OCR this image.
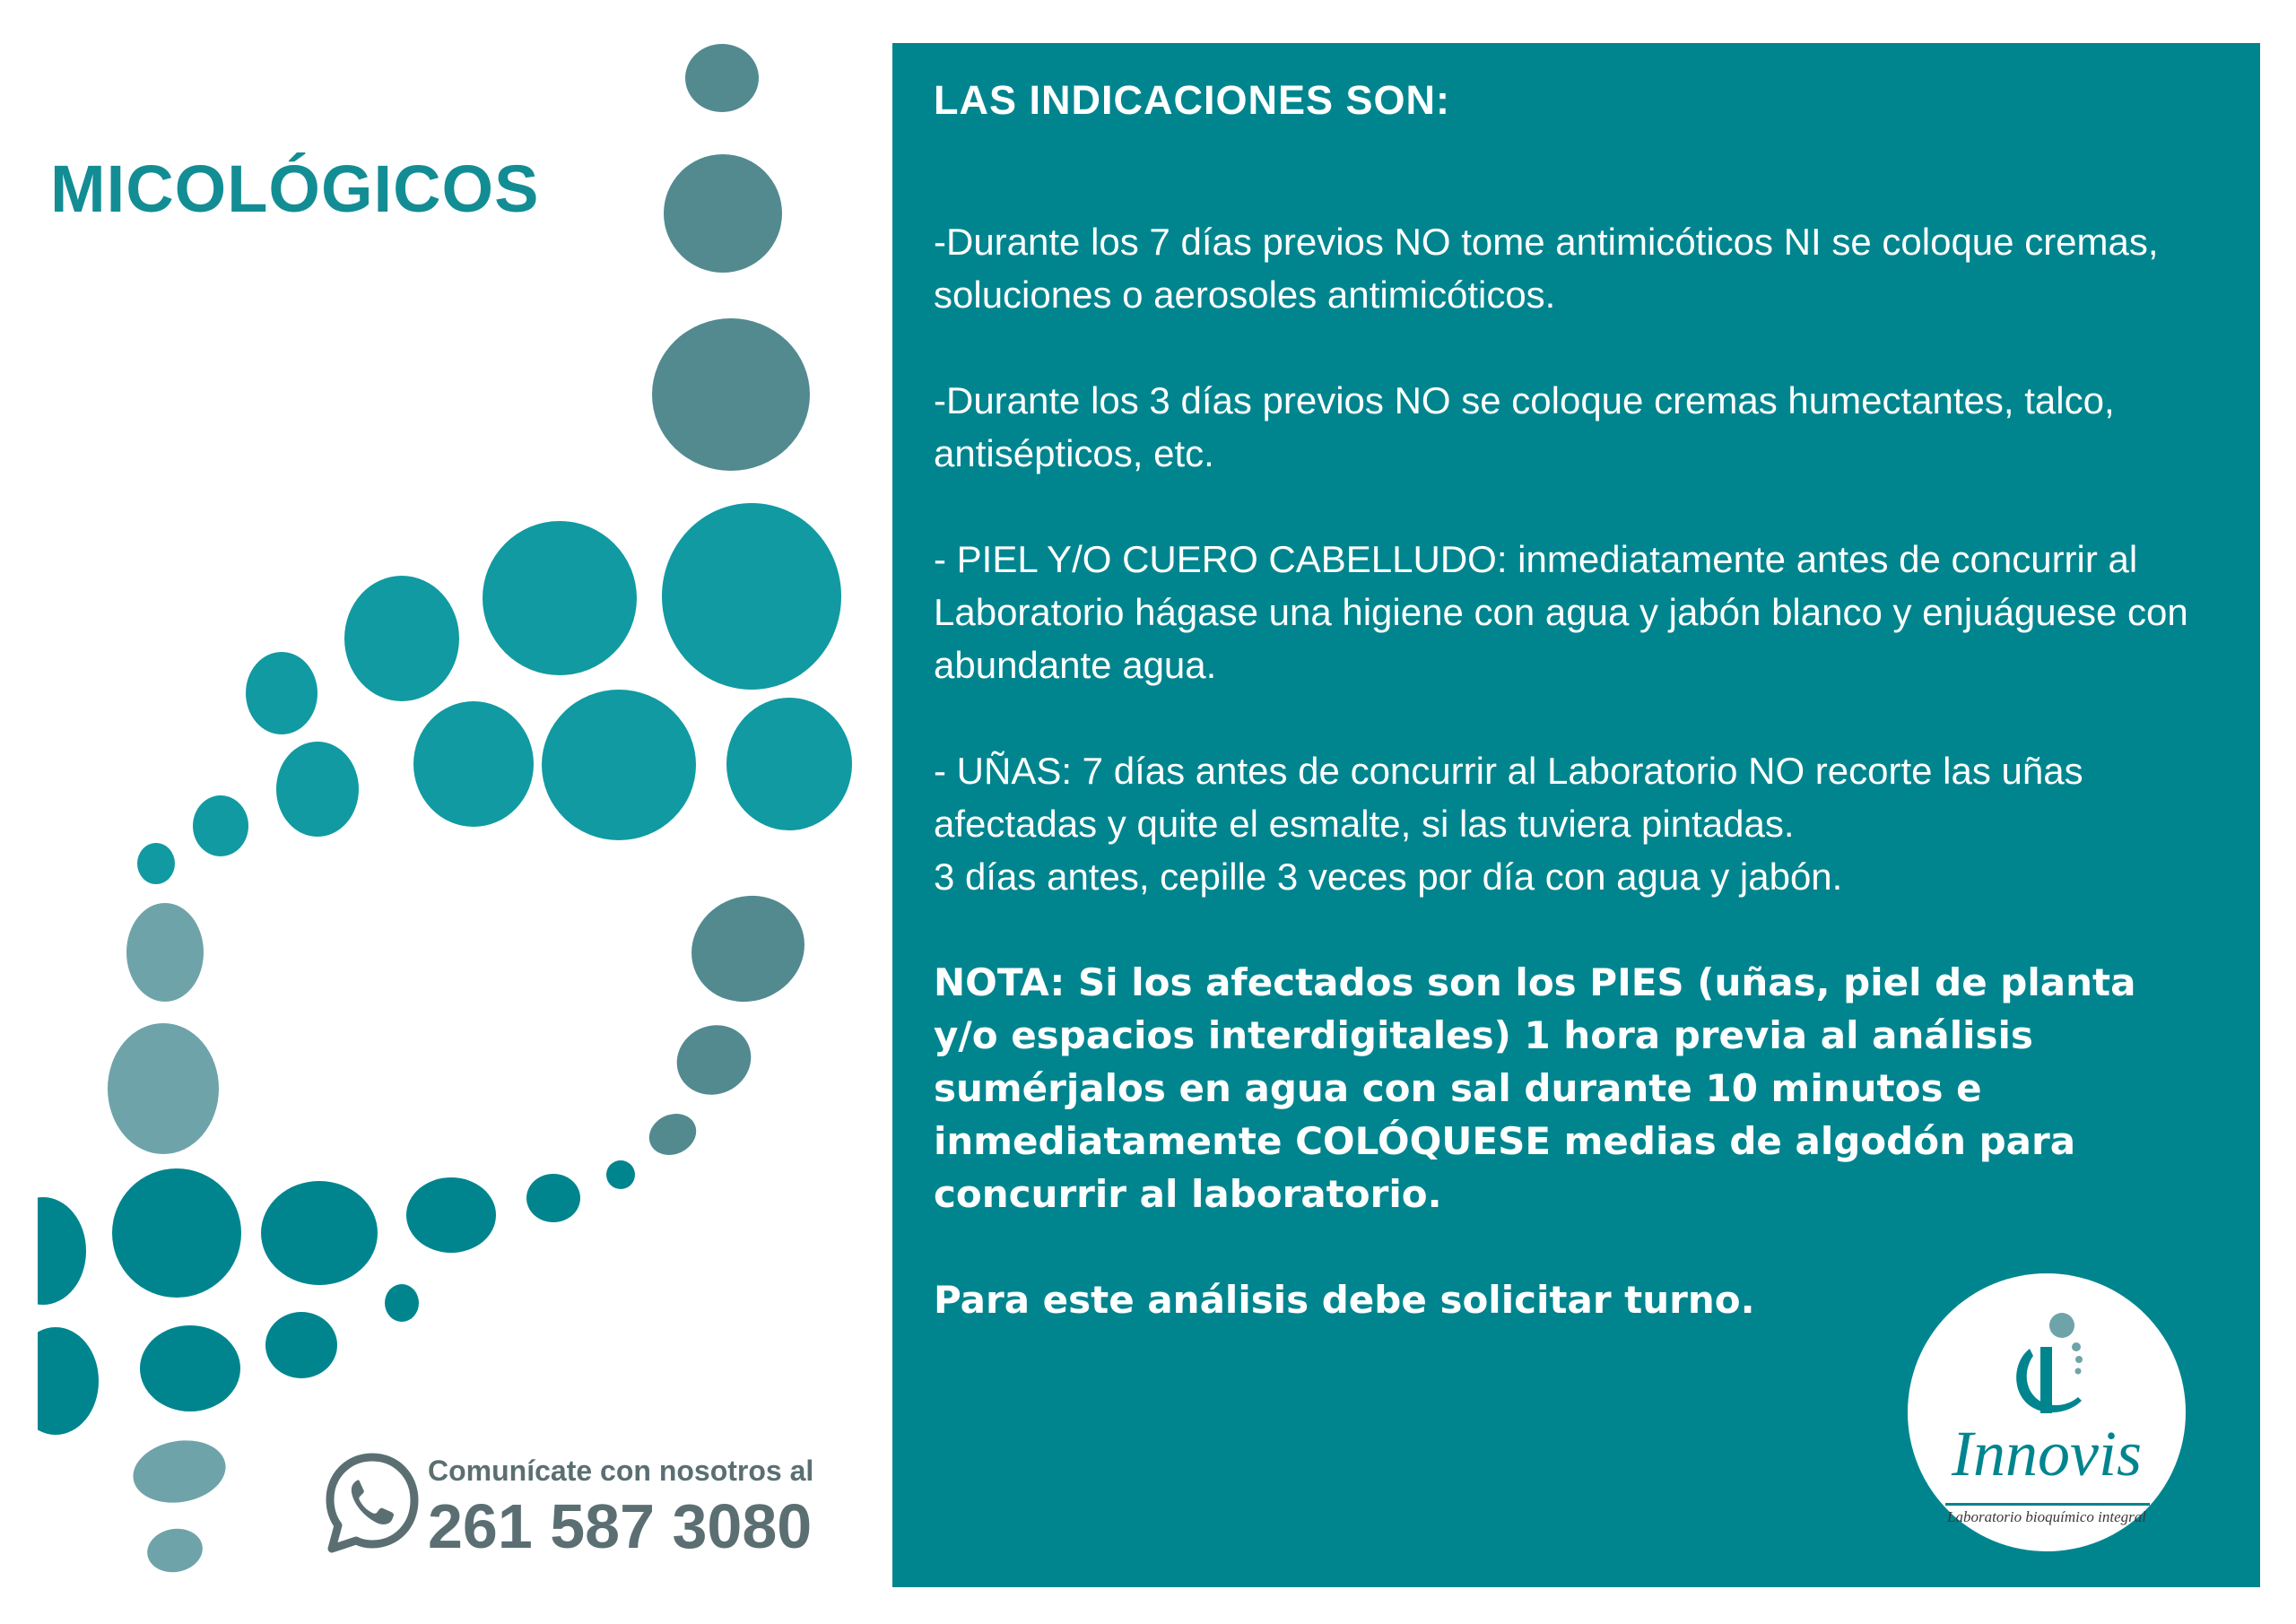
MICOLÓGICOS
Comunícate con nosotros al
261 587 3080
LAS INDICACIONES SON:

-Durante los 7 días previos NO tome antimicóticos NI se coloque cremas, soluciones o aerosoles antimicóticos.

-Durante los 3 días previos NO se coloque cremas humectantes, talco, antisépticos, etc.

- PIEL Y/O CUERO CABELLUDO: inmediatamente antes de concurrir al Laboratorio hágase una higiene con agua y jabón blanco y enjuáguese con abundante agua.

- UÑAS: 7 días antes de concurrir al Laboratorio NO recorte las uñas afectadas y quite el esmalte, si las tuviera pintadas.
3 días antes, cepille 3 veces por día con agua y jabón.

NOTA: Si los afectados son los PIES (uñas, piel de planta y/o espacios interdigitales) 1 hora previa al análisis sumérjalos en agua con sal durante 10 minutos e inmediatamente COLÓQUESE medias de algodón para concurrir al laboratorio.

Para este análisis debe solicitar turno.

Innovis
Laboratorio bioquímico integral
